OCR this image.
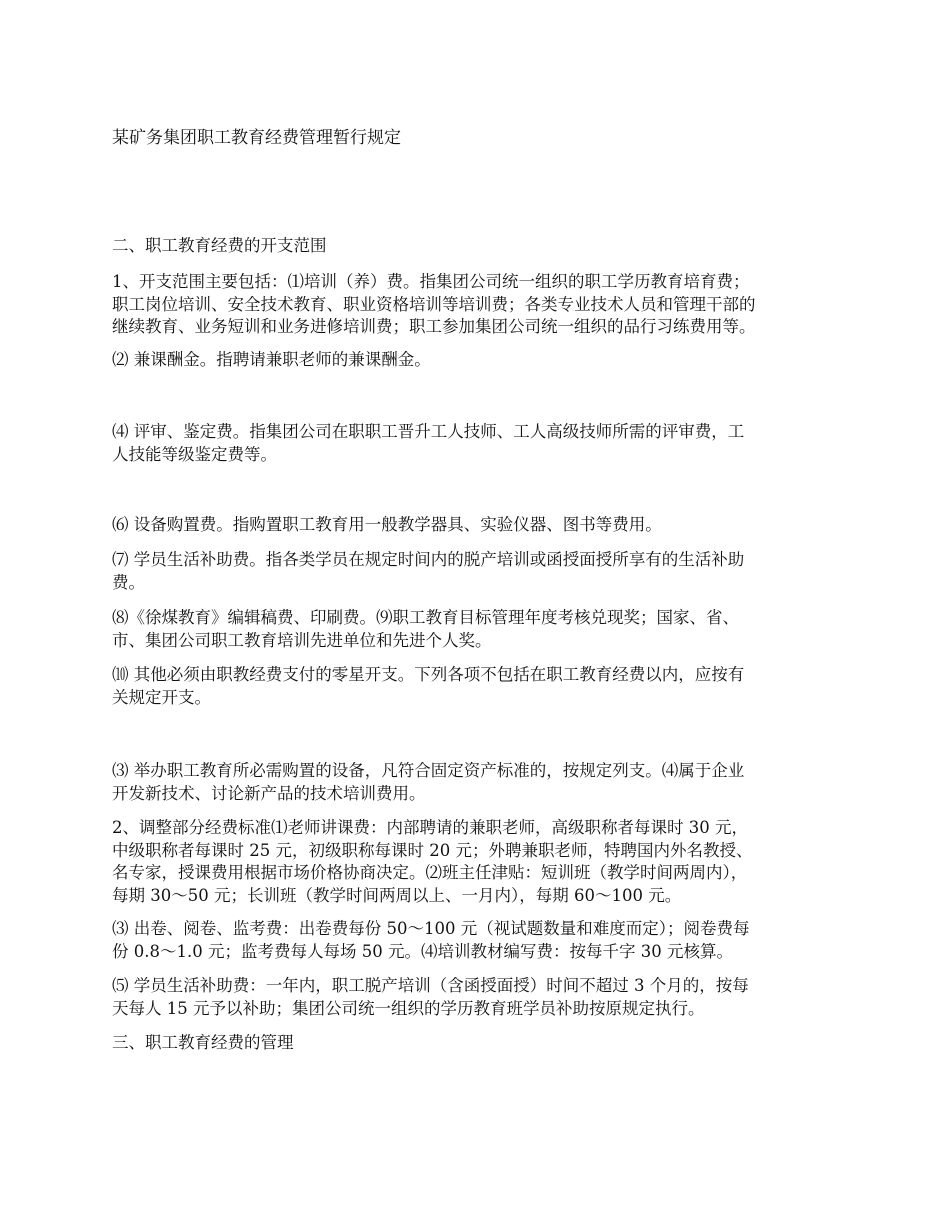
某矿务集团职工教育经费管理暂行规定

二、职工教育经费的开支范围

1、开支范围主要包括：⑴培训（养）费。指集团公司统一组织的职工学历教育培育费；
职工岗位培训、安全技术教育、职业资格培训等培训费；各类专业技术人员和管理干部的
继续教育、业务短训和业务进修培训费；职工参加集团公司统一组织的品行习练费用等。

⑵ 兼课酬金。指聘请兼职老师的兼课酬金。

⑷ 评审、鉴定费。指集团公司在职职工晋升工人技师、工人高级技师所需的评审费，工
人技能等级鉴定费等。

⑹ 设备购置费。指购置职工教育用一般教学器具、实验仪器、图书等费用。

⑺ 学员生活补助费。指各类学员在规定时间内的脱产培训或函授面授所享有的生活补助
费。

⑻《徐煤教育》编辑稿费、印刷费。⑼职工教育目标管理年度考核兑现奖；国家、省、
市、集团公司职工教育培训先进单位和先进个人奖。

⑽ 其他必须由职教经费支付的零星开支。下列各项不包括在职工教育经费以内，应按有
关规定开支。

⑶ 举办职工教育所必需购置的设备，凡符合固定资产标准的，按规定列支。⑷属于企业
开发新技术、讨论新产品的技术培训费用。

2、调整部分经费标准⑴老师讲课费：内部聘请的兼职老师，高级职称者每课时 30 元，
中级职称者每课时 25 元，初级职称每课时 20 元；外聘兼职老师，特聘国内外名教授、
名专家，授课费用根据市场价格协商决定。⑵班主任津贴：短训班（教学时间两周内），
每期 30～50 元；长训班（教学时间两周以上、一月内），每期 60～100 元。

⑶ 出卷、阅卷、监考费：出卷费每份 50～100 元（视试题数量和难度而定）；阅卷费每
份 0.8～1.0 元；监考费每人每场 50 元。⑷培训教材编写费：按每千字 30 元核算。

⑸ 学员生活补助费：一年内，职工脱产培训（含函授面授）时间不超过 3 个月的，按每
天每人 15 元予以补助；集团公司统一组织的学历教育班学员补助按原规定执行。

三、职工教育经费的管理
